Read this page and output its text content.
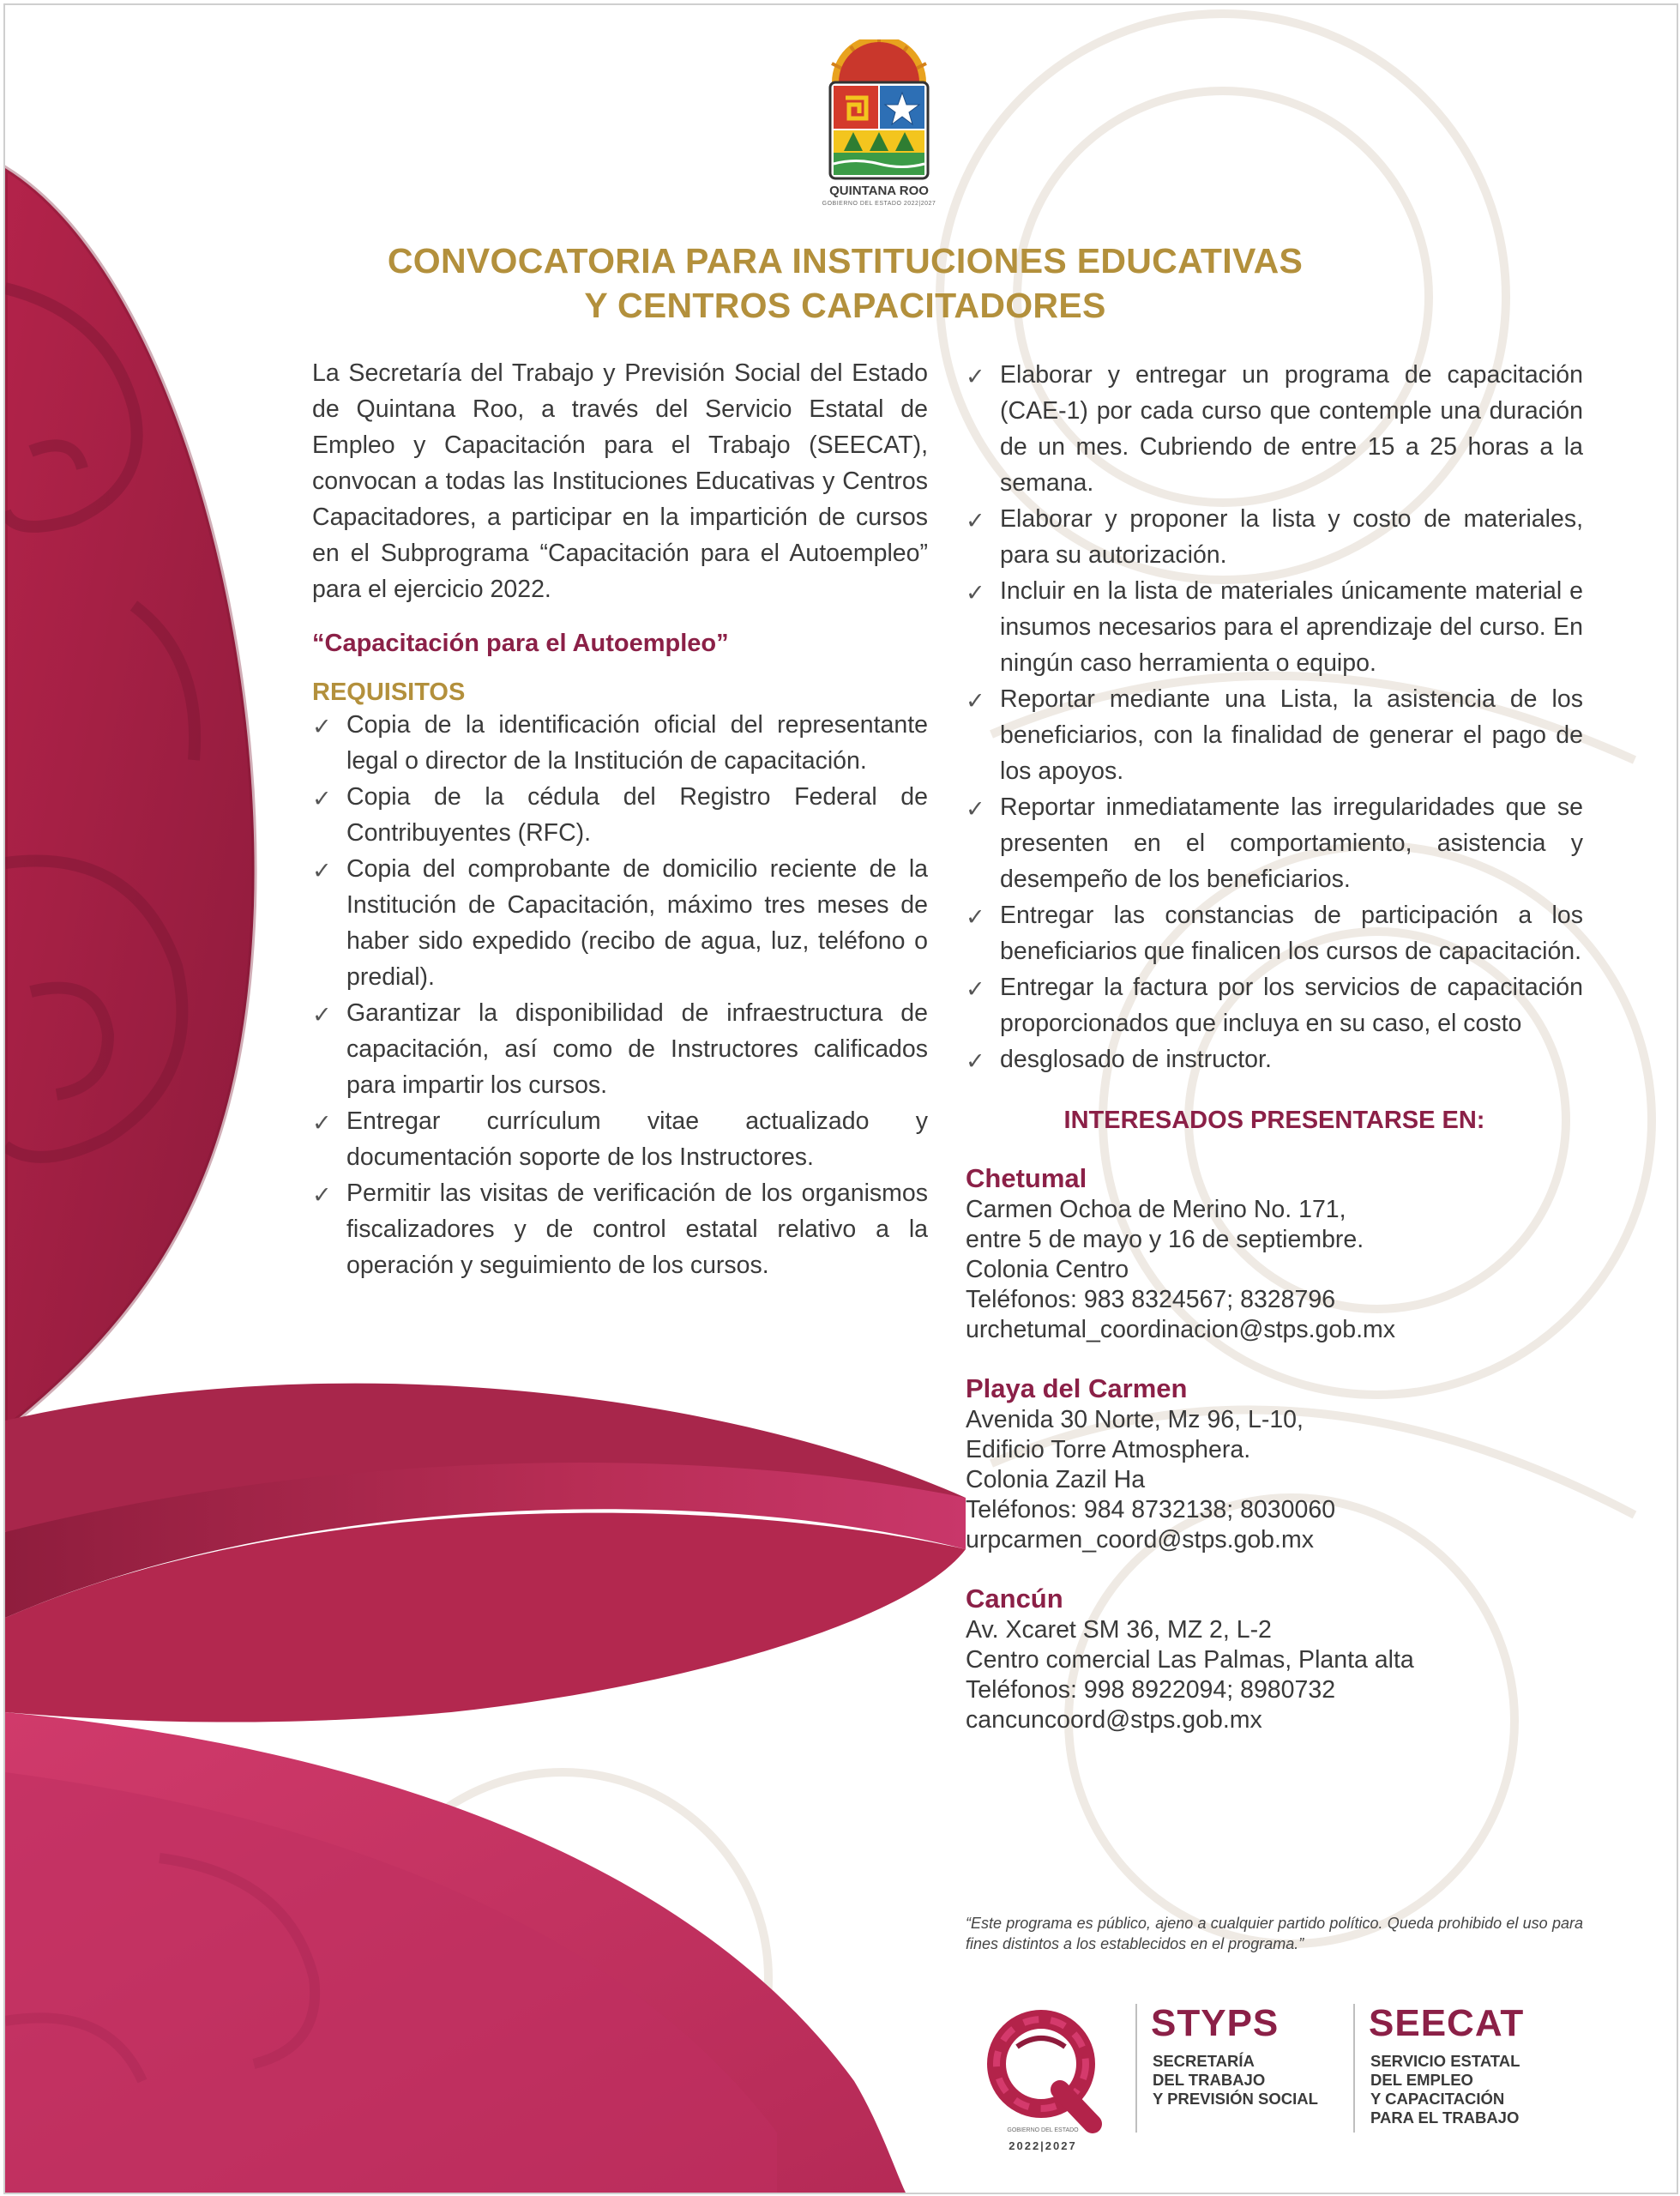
QUINTANA ROO
GOBIERNO DEL ESTADO 2022|2027
CONVOCATORIA PARA INSTITUCIONES EDUCATIVAS
Y CENTROS CAPACITADORES

La Secretaría del Trabajo y Previsión Social del Estado de Quintana Roo, a través del Servicio Estatal de Empleo y Capacitación para el Trabajo (SEECAT), convocan a todas las Instituciones Educativas y Centros Capacitadores, a participar en la impartición de cursos en el Subprograma “Capacitación para el Autoempleo” para el ejercicio 2022.

“Capacitación para el Autoempleo”

REQUISITOS

✓ Copia de la identificación oficial del representante legal o director de la Institución de capacitación.
✓ Copia de la cédula del Registro Federal de Contribuyentes (RFC).
✓ Copia del comprobante de domicilio reciente de la Institución de Capacitación, máximo tres meses de haber sido expedido (recibo de agua, luz, teléfono o predial).
✓ Garantizar la disponibilidad de infraestructura de capacitación, así como de Instructores calificados para impartir los cursos.
✓ Entregar currículum vitae actualizado y documentación soporte de los Instructores.
✓ Permitir las visitas de verificación de los organismos fiscalizadores y de control estatal relativo a la operación y seguimiento de los cursos.
✓ Elaborar y entregar un programa de capacitación (CAE-1) por cada curso que contemple una duración de un mes. Cubriendo de entre 15 a 25 horas a la semana.
✓ Elaborar y proponer la lista y costo de materiales, para su autorización.
✓ Incluir en la lista de materiales únicamente material e insumos necesarios para el aprendizaje del curso. En ningún caso herramienta o equipo.
✓ Reportar mediante una Lista, la asistencia de los beneficiarios, con la finalidad de generar el pago de los apoyos.
✓ Reportar inmediatamente las irregularidades que se presenten en el comportamiento, asistencia y desempeño de los beneficiarios.
✓ Entregar las constancias de participación a los beneficiarios que finalicen los cursos de capacitación.
✓ Entregar la factura por los servicios de capacitación proporcionados que incluya en su caso, el costo
✓ desglosado de instructor.

INTERESADOS PRESENTARSE EN:

Chetumal
Carmen Ochoa de Merino No. 171,
entre 5 de mayo y 16 de septiembre.
Colonia Centro
Teléfonos: 983 8324567; 8328796
urchetumal_coordinacion@stps.gob.mx
Playa del Carmen
Avenida 30 Norte, Mz 96, L-10,
Edificio Torre Atmosphera.
Colonia Zazil Ha
Teléfonos: 984 8732138; 8030060
urpcarmen_coord@stps.gob.mx
Cancún
Av. Xcaret SM 36, MZ 2, L-2
Centro comercial Las Palmas, Planta alta
Teléfonos: 998 8922094; 8980732
cancuncoord@stps.gob.mx
“Este programa es público, ajeno a cualquier partido político. Queda prohibido el uso para fines distintos a los establecidos en el programa.”
GOBIERNO DEL ESTADO
2022|2027
STYPS
SECRETARÍA
DEL TRABAJO
Y PREVISIÓN SOCIAL
SEECAT
SERVICIO ESTATAL
DEL EMPLEO
Y CAPACITACIÓN
PARA EL TRABAJO
